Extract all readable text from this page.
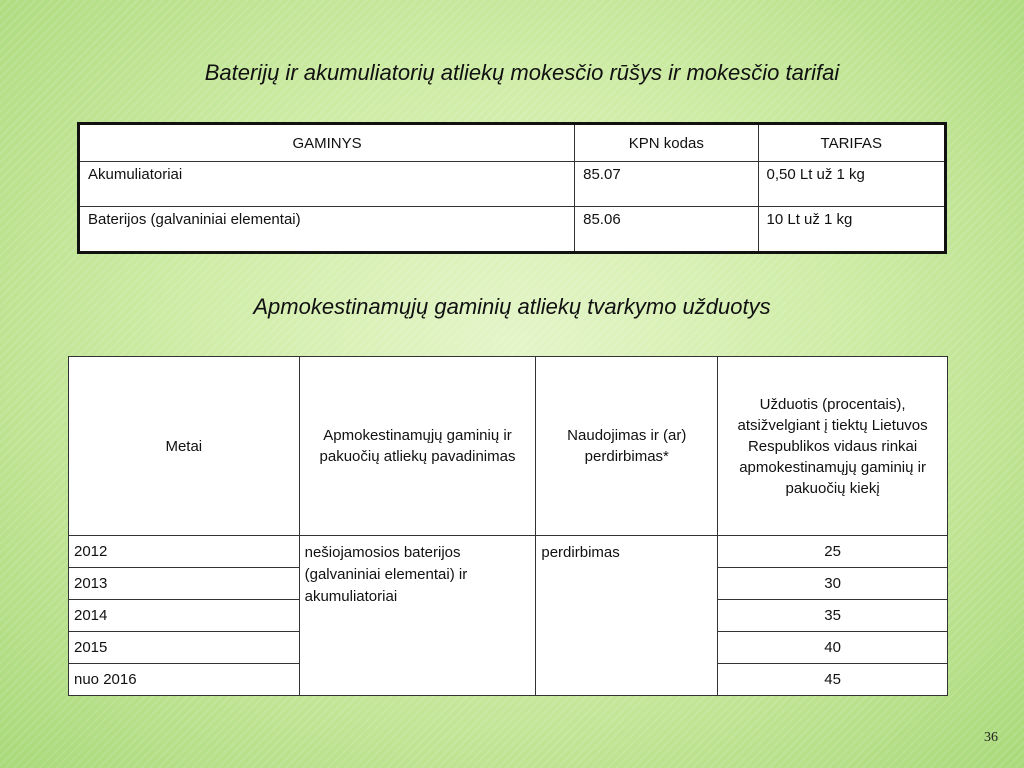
Baterijų ir akumuliatorių atliekų mokesčio rūšys ir mokesčio tarifai
GAMINYS	KPN kodas	TARIFAS
Akumuliatoriai	85.07	0,50 Lt už 1 kg
Baterijos (galvaniniai elementai)	85.06	10 Lt už 1 kg
Apmokestinamųjų gaminių atliekų tvarkymo užduotys
Metai	Apmokestinamųjų gaminių ir pakuočių atliekų pavadinimas	Naudojimas ir (ar) perdirbimas*	Užduotis (procentais), atsižvelgiant į tiektų Lietuvos Respublikos vidaus rinkai apmokestinamųjų gaminių ir pakuočių kiekį
2012	nešiojamosios baterijos (galvaniniai elementai) ir akumuliatoriai	perdirbimas	25
2013			30
2014			35
2015			40
nuo 2016			45
36
